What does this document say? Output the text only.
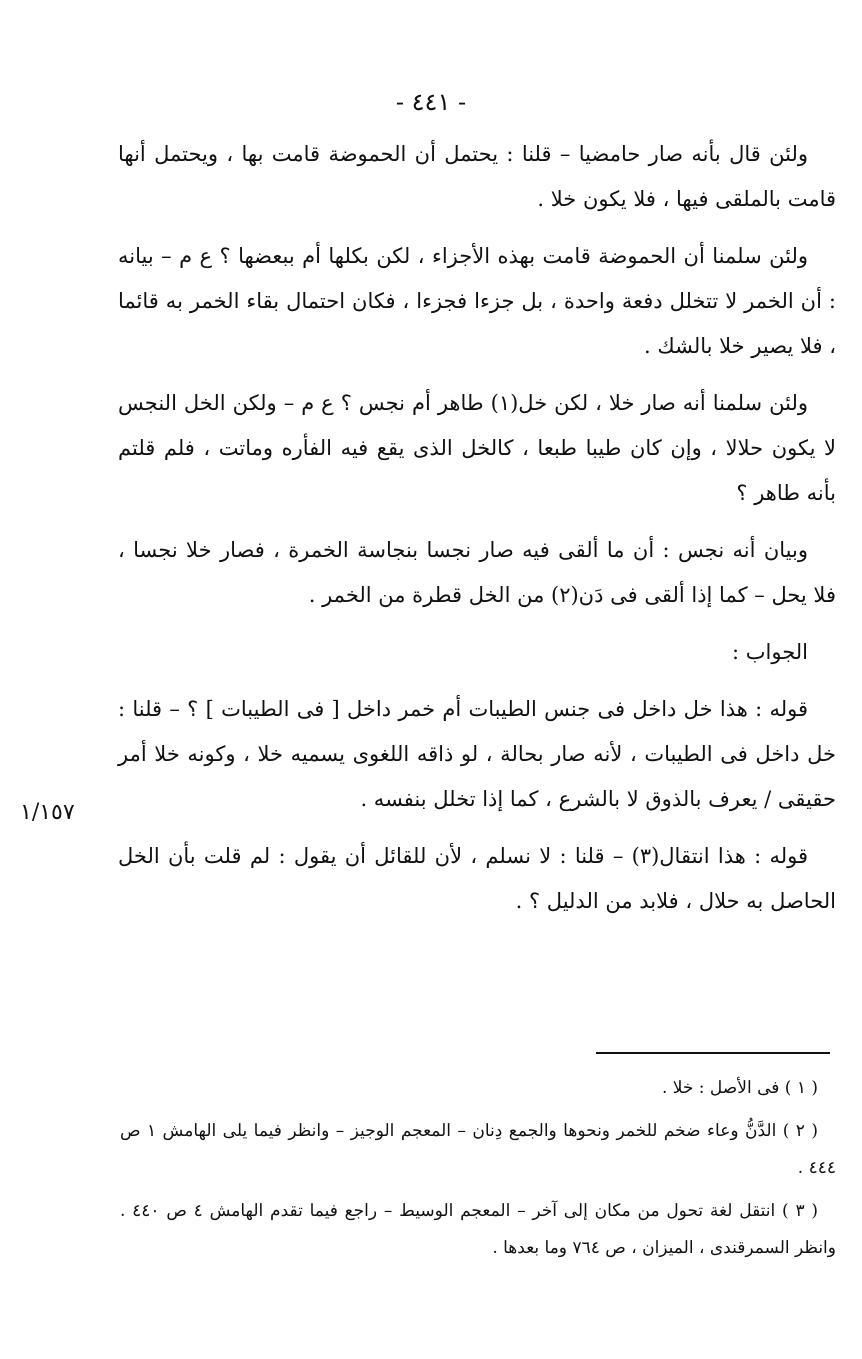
- ٤٤١ -

ولئن قال بأنه صار حامضيا – قلنا : يحتمل أن الحموضة قامت بها ، ويحتمل أنها قامت بالملقى فيها ، فلا يكون خلا .

ولئن سلمنا أن الحموضة قامت بهذه الأجزاء ، لكن بكلها أم ببعضها ؟ ع م – بيانه : أن الخمر لا تتخلل دفعة واحدة ، بل جزءا فجزءا ، فكان احتمال بقاء الخمر به قائما ، فلا يصير خلا بالشك .

ولئن سلمنا أنه صار خلا ، لكن خل(١) طاهر أم نجس ؟ ع م – ولكن الخل النجس لا يكون حلالا ، وإن كان طيبا طبعا ، كالخل الذى يقع فيه الفأره وماتت ، فلم قلتم بأنه طاهر ؟

وبيان أنه نجس : أن ما ألقى فيه صار نجسا بنجاسة الخمرة ، فصار خلا نجسا ، فلا يحل – كما إذا ألقى فى دَن(٢) من الخل قطرة من الخمر .

الجواب :

قوله : هذا خل داخل فى جنس الطيبات أم خمر داخل [ فى الطيبات ] ؟ – قلنا : خل داخل فى الطيبات ، لأنه صار بحالة ، لو ذاقه اللغوى يسميه خلا ، وكونه خلا أمر حقيقى / يعرف بالذوق لا بالشرع ، كما إذا تخلل بنفسه .

قوله : هذا انتقال(٣) – قلنا : لا نسلم ، لأن للقائل أن يقول : لم قلت بأن الخل الحاصل به حلال ، فلابد من الدليل ؟ .

١/١٥٧

( ١ ) فى الأصل : خلا .

( ٢ ) الدَّنُّ وعاء ضخم للخمر ونحوها والجمع دِنان – المعجم الوجيز – وانظر فيما يلى الهامش ١ ص ٤٤٤ .

( ٣ ) انتقل لغة تحول من مكان إلى آخر – المعجم الوسيط – راجع فيما تقدم الهامش ٤ ص ٤٤٠ . وانظر السمرقندى ، الميزان ، ص ٧٦٤ وما بعدها .
